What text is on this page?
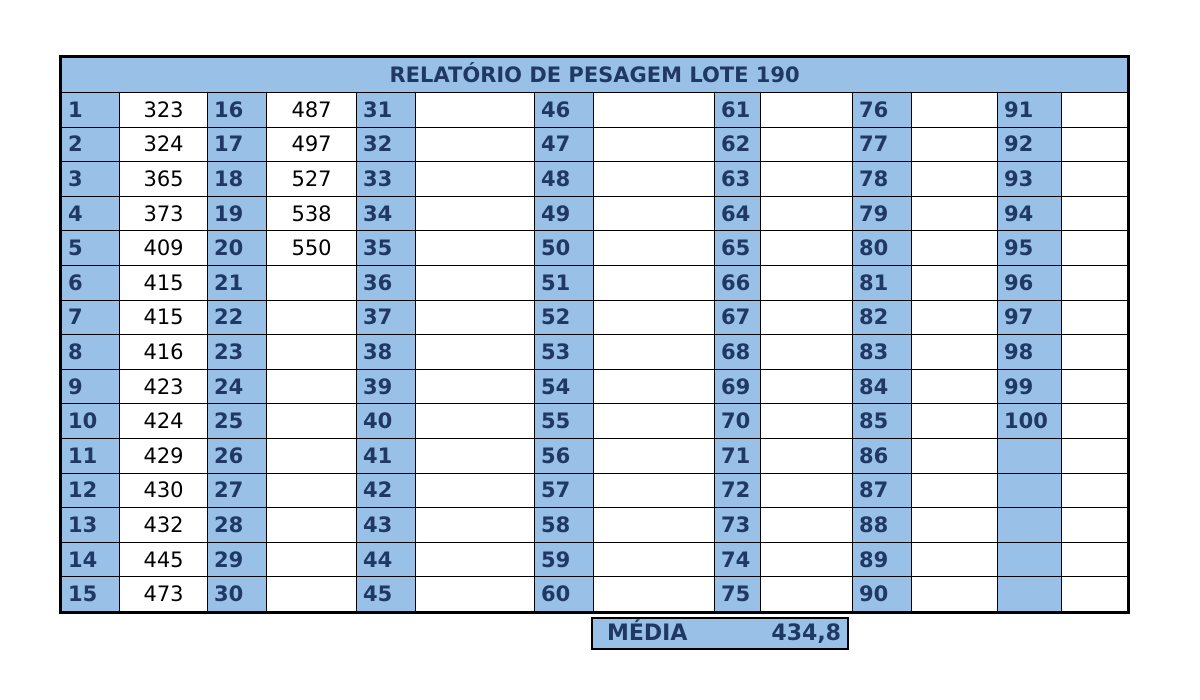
RELATÓRIO DE PESAGEM LOTE 190													
1	323	16	487	31		46		61		76		91	
2	324	17	497	32		47		62		77		92	
3	365	18	527	33		48		63		78		93	
4	373	19	538	34		49		64		79		94	
5	409	20	550	35		50		65		80		95	
6	415	21		36		51		66		81		96	
7	415	22		37		52		67		82		97	
8	416	23		38		53		68		83		98	
9	423	24		39		54		69		84		99	
10	424	25		40		55		70		85		100	
11	429	26		41		56		71		86			
12	430	27		42		57		72		87			
13	432	28		43		58		73		88			
14	445	29		44		59		74		89			
15	473	30		45		60		75		90			
MÉDIA	434,8
